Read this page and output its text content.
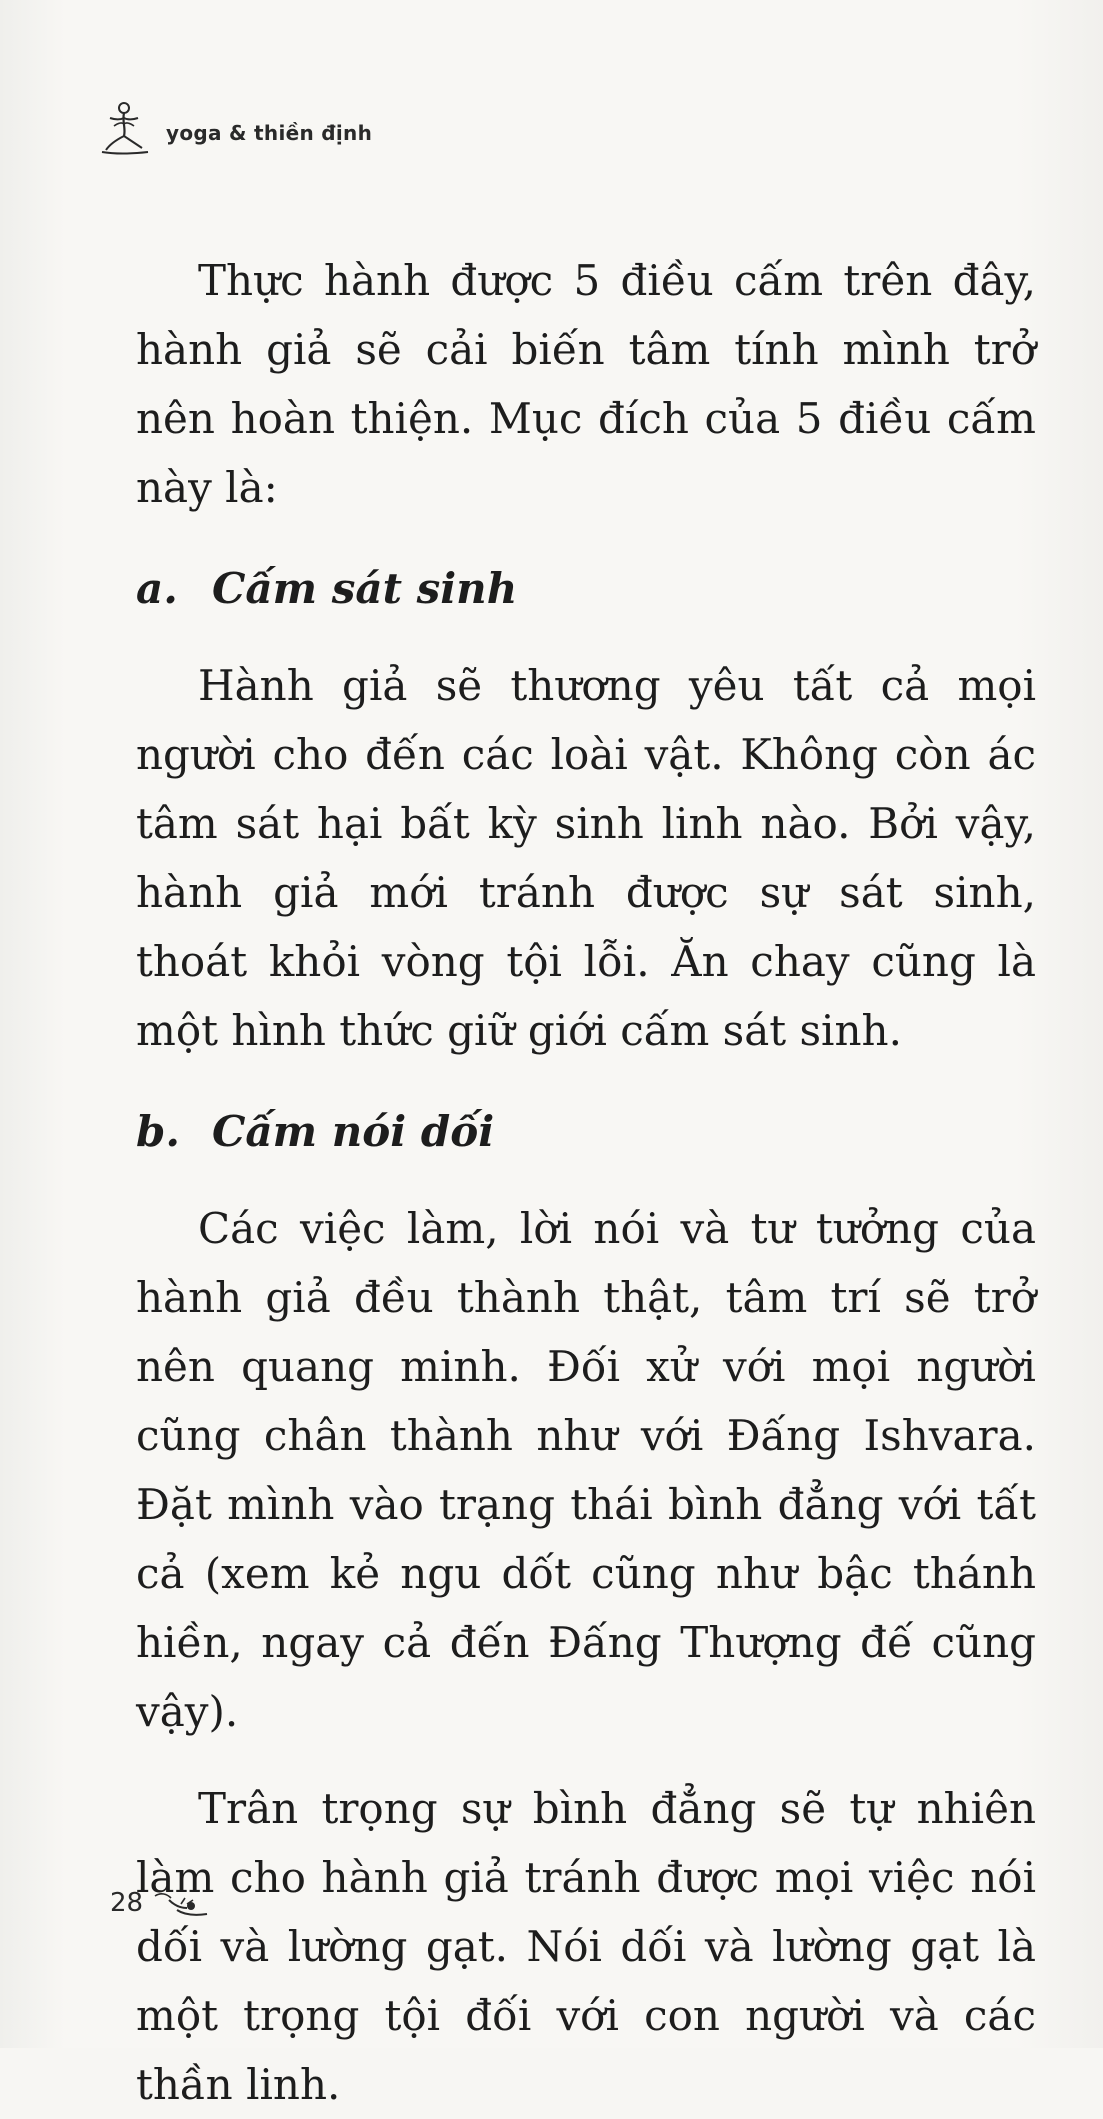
yoga & thiền định

Thực hành được 5 điều cấm trên đây, hành giả sẽ cải biến tâm tính mình trở nên hoàn thiện. Mục đích của 5 điều cấm này là:

a. Cấm sát sinh

Hành giả sẽ thương yêu tất cả mọi người cho đến các loài vật. Không còn ác tâm sát hại bất kỳ sinh linh nào. Bởi vậy, hành giả mới tránh được sự sát sinh, thoát khỏi vòng tội lỗi. Ăn chay cũng là một hình thức giữ giới cấm sát sinh.

b. Cấm nói dối

Các việc làm, lời nói và tư tưởng của hành giả đều thành thật, tâm trí sẽ trở nên quang minh. Đối xử với mọi người cũng chân thành như với Đấng Ishvara. Đặt mình vào trạng thái bình đẳng với tất cả (xem kẻ ngu dốt cũng như bậc thánh hiền, ngay cả đến Đấng Thượng đế cũng vậy).

Trân trọng sự bình đẳng sẽ tự nhiên làm cho hành giả tránh được mọi việc nói dối và lường gạt. Nói dối và lường gạt là một trọng tội đối với con người và các thần linh.

28
